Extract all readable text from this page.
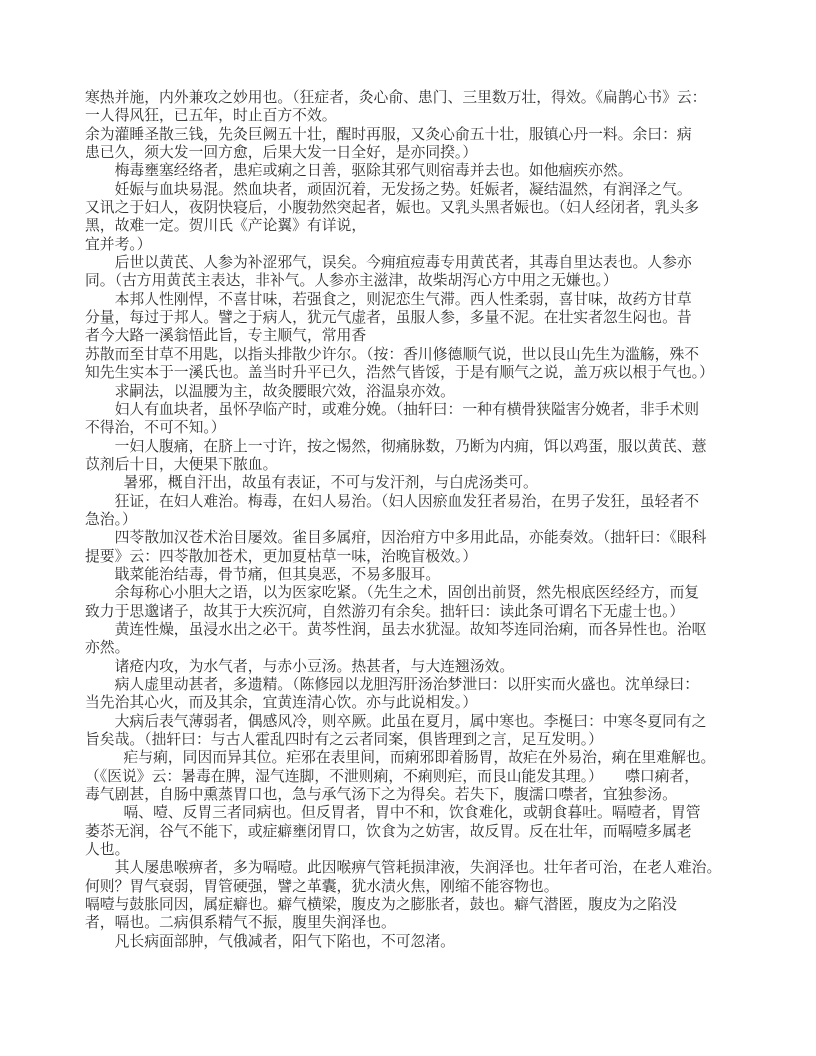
寒热并施，内外兼攻之妙用也。（狂症者，灸心俞、患门、三里数万壮，得效。《扁鹊心书》云：
一人得风狂，已五年，时止百方不效。
余为灌睡圣散三钱，先灸巨阙五十壮，醒时再服，又灸心俞五十壮，服镇心丹一料。余曰：病
患已久，须大发一回方愈，后果大发一日全好，是亦同揆。）
梅毒壅塞经络者，患疟或痢之日善，驱除其邪气则宿毒并去也。如他痼疾亦然。
妊娠与血块易混。然血块者，顽固沉着，无发扬之势。妊娠者，凝结温然，有润泽之气。
又讯之于妇人，夜阴快寝后，小腹勃然突起者，娠也。又乳头黑者娠也。（妇人经闭者，乳头多
黑，故难一定。贺川氏《产论翼》有详说，
宜并考。）
后世以黄芪、人参为补涩邪气，误矣。今痈疽痘毒专用黄芪者，其毒自里达表也。人参亦
同。（古方用黄芪主表达，非补气。人参亦主滋津，故柴胡泻心方中用之无嫌也。）
本邦人性刚悍，不喜甘味，若强食之，则泥恋生气滞。西人性柔弱，喜甘味，故药方甘草
分量，每过于邦人。譬之于病人，犹元气虚者，虽服人参，多量不泥。在壮实者忽生闷也。昔
者今大路一溪翁悟此旨，专主顺气，常用香
苏散而至甘草不用匙，以指头排散少许尔。（按：香川修德顺气说，世以艮山先生为滥觞，殊不
知先生实本于一溪氏也。盖当时升平已久，浩然气皆馁，于是有顺气之说，盖万疢以根于气也。）
求嗣法，以温腰为主，故灸腰眼穴效，浴温泉亦效。
妇人有血块者，虽怀孕临产时，或难分娩。（抽轩曰：一种有横骨狭隘害分娩者，非手术则
不得治，不可不知。）
一妇人腹痛，在脐上一寸许，按之惕然，彻痛脉数，乃断为内痈，饵以鸡蛋，服以黄芪、薏
苡剂后十日，大便果下脓血。
暑邪，概自汗出，故虽有表证，不可与发汗剂，与白虎汤类可。
狂证，在妇人难治。梅毒，在妇人易治。（妇人因瘀血发狂者易治，在男子发狂，虽轻者不
急治。）
四苓散加汉苍术治目屡效。雀目多属疳，因治疳方中多用此品，亦能奏效。（拙轩曰：《眼科
提要》云：四苓散加苍术，更加夏枯草一味，治晚盲极效。）
戢菜能治结毒，骨节痛，但其臭恶，不易多服耳。
余每称心小胆大之语，以为医家吃紧。（先生之术，固创出前贤，然先根底医经经方，而复
致力于思邈诸子，故其于大疾沉疴，自然游刃有余矣。拙轩曰：读此条可谓名下无虚士也。）
黄连性燥，虽浸水出之必干。黄芩性润，虽去水犹湿。故知芩连同治痢，而各异性也。治呕
亦然。
诸疮内攻，为水气者，与赤小豆汤。热甚者，与大连翘汤效。
病人虚里动甚者，多遗精。（陈修园以龙胆泻肝汤治梦泄曰：以肝实而火盛也。沈单绿曰：
当先治其心火，而及其余，宜黄连清心饮。亦与此说相发。）
大病后表气薄弱者，偶感风冷，则卒厥。此虽在夏月，属中寒也。李梴曰：中寒冬夏同有之
旨矣哉。（拙轩曰：与古人霍乱四时有之云者同案，俱皆理到之言，足互发明。）
疟与痢，同因而异其位。疟邪在表里间，而痢邪即着肠胃，故疟在外易治，痢在里难解也。
（《医说》云：暑毒在脾，湿气连脚，不泄则痢，不痢则疟，而艮山能发其理。）　　噤口痢者，
毒气剧甚，自肠中熏蒸胃口也，急与承气汤下之为得矣。若失下，腹濡口噤者，宜独参汤。
嗝、噎、反胃三者同病也。但反胃者，胃中不和，饮食难化，或朝食暮吐。嗝噎者，胃管
萎苶无润，谷气不能下，或症癖壅闭胃口，饮食为之妨害，故反胃。反在壮年，而嗝噎多属老
人也。
其人屡患喉痹者，多为嗝噎。此因喉痹气管耗损津液，失润泽也。壮年者可治，在老人难治。
何则？胃气衰弱，胃管硬强，譬之革囊，犹水渍火焦，刚缩不能容物也。
嗝噎与鼓胀同因，属症癖也。癖气横梁，腹皮为之膨胀者，鼓也。癖气潜匿，腹皮为之陷没
者，嗝也。二病俱系精气不振，腹里失润泽也。
凡长病面部肿，气俄减者，阳气下陷也，不可忽渚。
